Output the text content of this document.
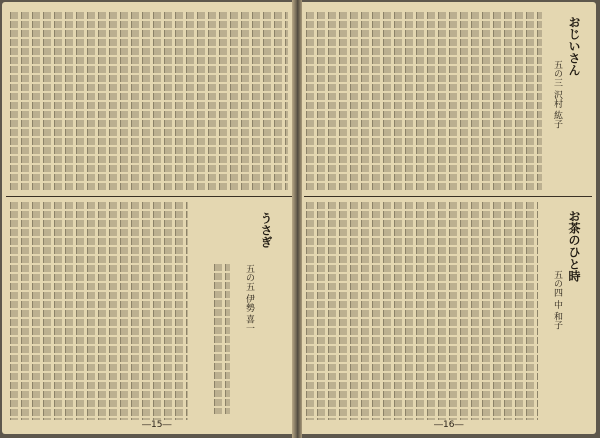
うさぎ
五の五 伊勢 喜一
―15―
おじいさん
五の三 沢村 紘子
お茶のひと時
五の四 中 和子
―16―
